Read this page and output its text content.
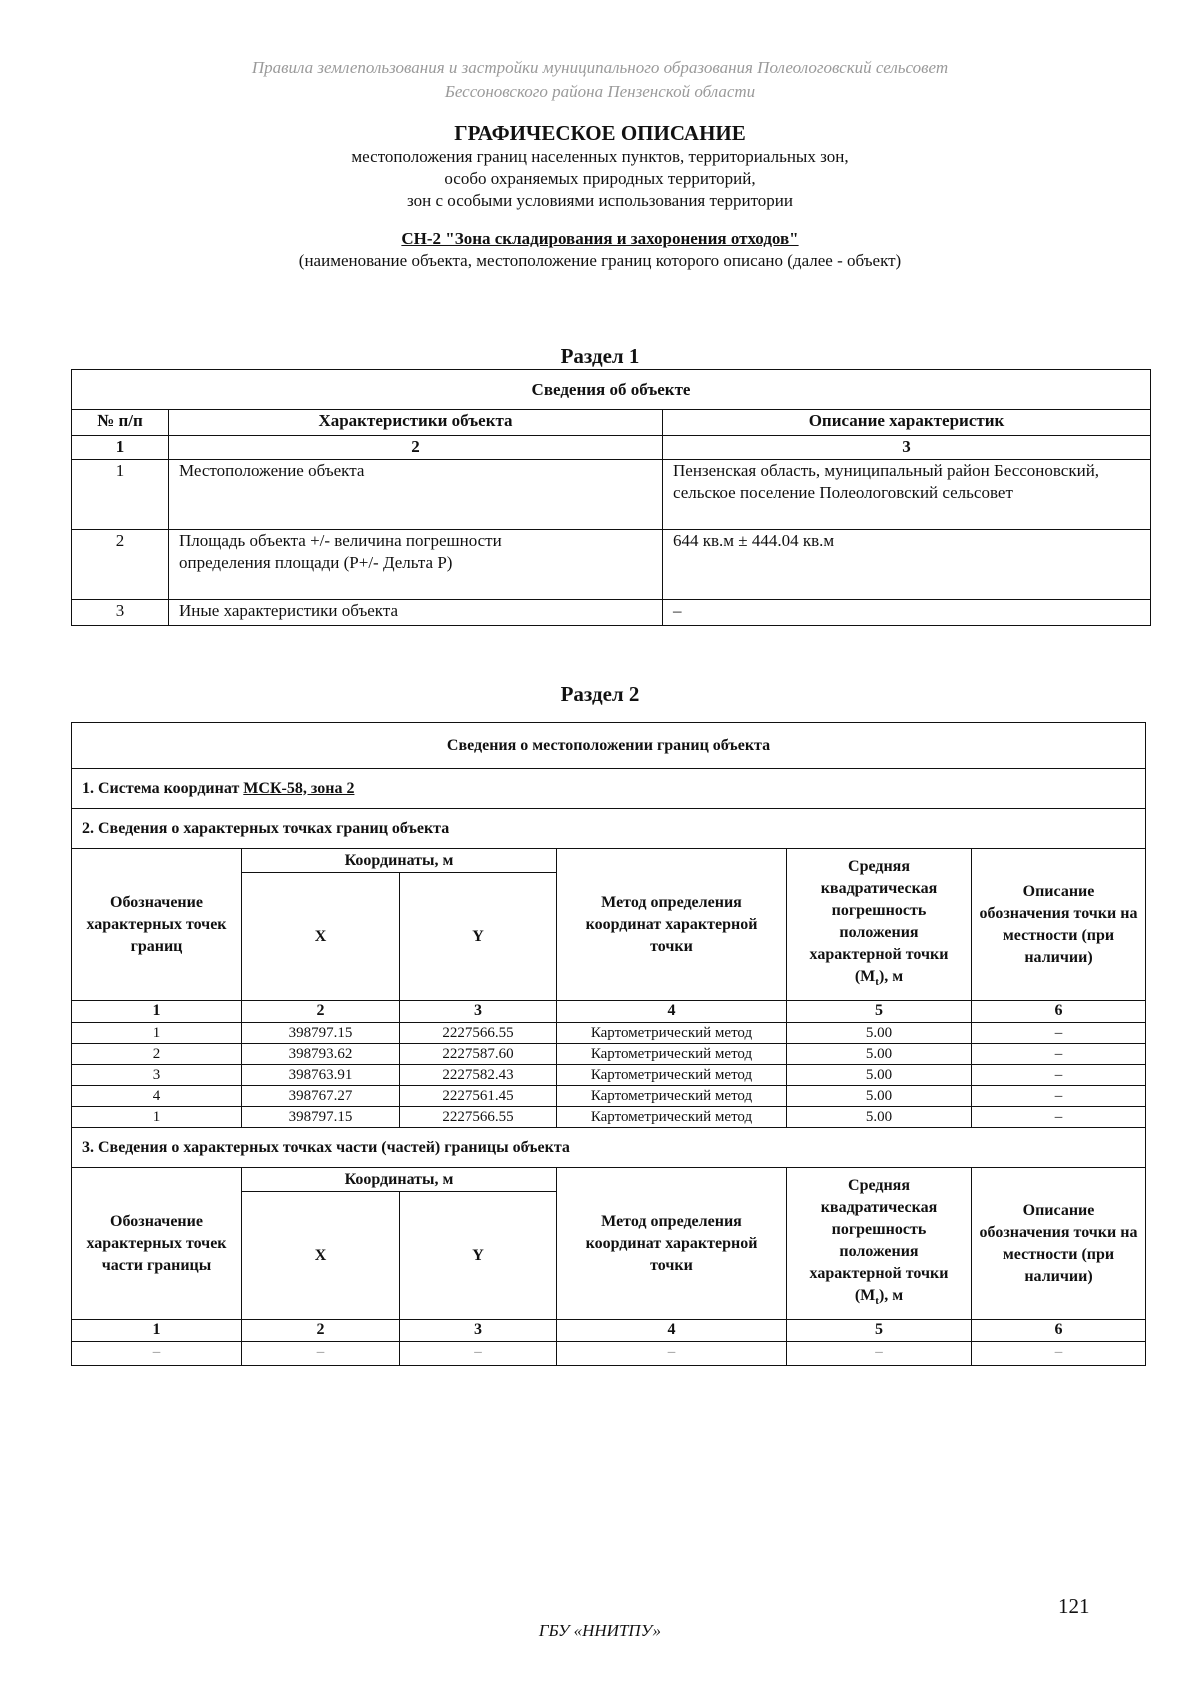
Правила землепользования и застройки муниципального образования Полеологовский сельсовет
Бессоновского района Пензенской области
ГРАФИЧЕСКОЕ ОПИСАНИЕ
местоположения границ населенных пунктов, территориальных зон,
особо охраняемых природных территорий,
зон с особыми условиями использования территории
СН-2 "Зона складирования и захоронения отходов"
(наименование объекта, местоположение границ которого описано (далее - объект)
Раздел 1
Сведения об объекте		
№ п/п	Характеристики объекта	Описание характеристик
1	2	3
1	Местоположение объекта	Пензенская область, муниципальный район Бессоновский, сельское поселение Полеологовский сельсовет
2	Площадь объекта +/- величина погрешности определения площади (Р+/- Дельта Р)	644 кв.м ± 444.04 кв.м
3	Иные характеристики объекта	–
Раздел 2
Сведения о местоположении границ объекта					
1. Система координат МСК-58, зона 2					
2. Сведения о характерных точках границ объекта					
Обозначение характерных точек границ	Координаты, м		Метод определения координат характерной точки	Средняя квадратическая погрешность положения характерной точки $(M_t)$, м	Описание обозначения точки на местности (при наличии)
	X	Y			
1	2	3	4	5	6
1	398797.15	2227566.55	Картометрический метод	5.00	–
2	398793.62	2227587.60	Картометрический метод	5.00	–
3	398763.91	2227582.43	Картометрический метод	5.00	–
4	398767.27	2227561.45	Картометрический метод	5.00	–
1	398797.15	2227566.55	Картометрический метод	5.00	–
3. Сведения о характерных точках части (частей) границы объекта					
Обозначение характерных точек части границы	Координаты, м		Метод определения координат характерной точки	Средняя квадратическая погрешность положения характерной точки $(M_t)$, м	Описание обозначения точки на местности (при наличии)
	X	Y			
1	2	3	4	5	6
–	–	–	–	–	–
121
ГБУ «ННИТПУ»
